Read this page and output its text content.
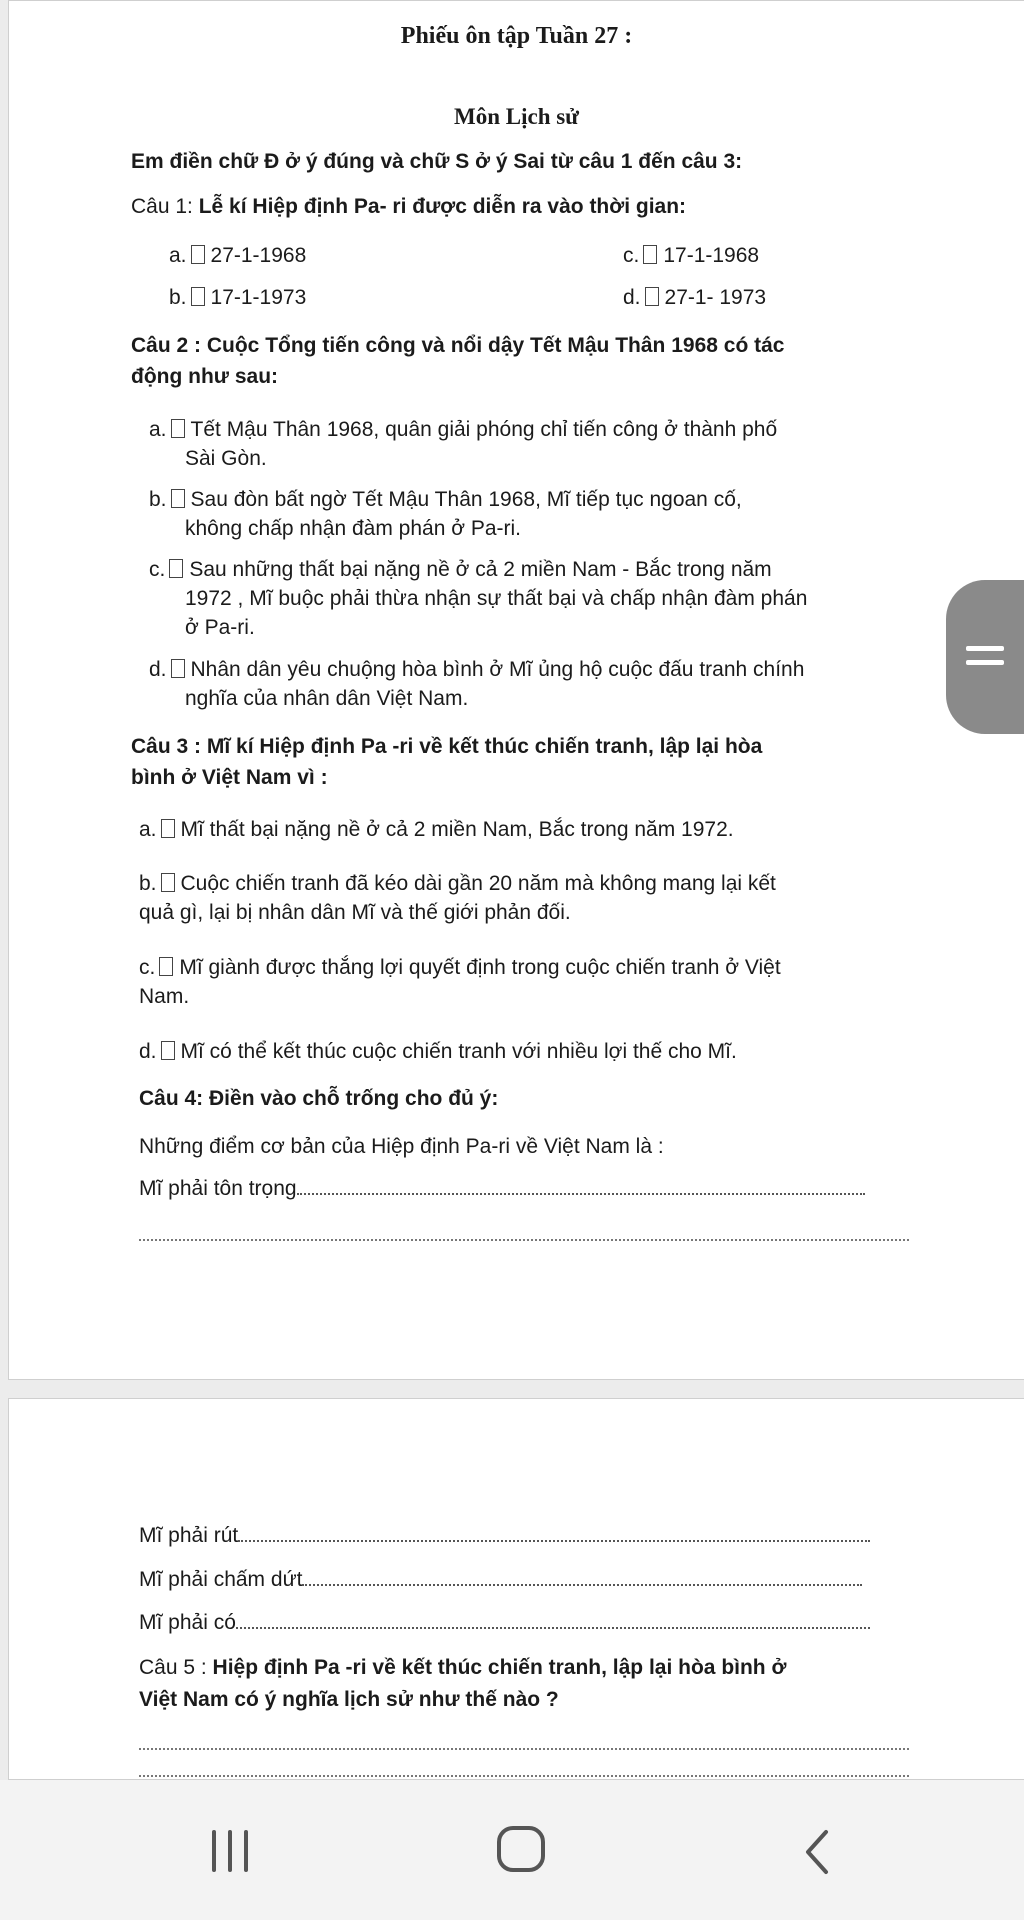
Phiếu ôn tập Tuần 27 :

Môn Lịch sử

Em điền chữ Đ ở ý đúng và chữ S ở ý Sai từ câu 1 đến câu 3:

Câu 1: Lễ kí Hiệp định Pa- ri được diễn ra vào thời gian:

a. 27-1-1968	c. 17-1-1968

b. 17-1-1973	d. 27-1- 1973

Câu 2 : Cuộc Tổng tiến công và nổi dậy Tết Mậu Thân 1968 có tác

động như sau:

a. Tết Mậu Thân 1968, quân giải phóng chỉ tiến công ở thành phố

Sài Gòn.

b. Sau đòn bất ngờ Tết Mậu Thân 1968, Mĩ tiếp tục ngoan cố,

không chấp nhận đàm phán ở Pa-ri.

c. Sau những thất bại nặng nề ở cả 2 miền Nam - Bắc trong năm

1972 , Mĩ buộc phải thừa nhận sự thất bại và chấp nhận đàm phán

ở Pa-ri.

d. Nhân dân yêu chuộng hòa bình ở Mĩ ủng hộ cuộc đấu tranh chính

nghĩa của nhân dân Việt Nam.

Câu 3 : Mĩ kí Hiệp định Pa -ri về kết thúc chiến tranh, lập lại hòa

bình ở Việt Nam vì :

a. Mĩ thất bại nặng nề ở cả 2 miền Nam, Bắc trong năm 1972.

b. Cuộc chiến tranh đã kéo dài gần 20 năm mà không mang lại kết

quả gì, lại bị nhân dân Mĩ và thế giới phản đối.

c. Mĩ giành được thắng lợi quyết định trong cuộc chiến tranh ở Việt

Nam.

d. Mĩ có thể kết thúc cuộc chiến tranh với nhiều lợi thế cho Mĩ.

Câu 4: Điền vào chỗ trống cho đủ ý:

Những điểm cơ bản của Hiệp định Pa-ri về Việt Nam là :

Mĩ phải tôn trọng

Mĩ phải rút

Mĩ phải chấm dứt

Mĩ phải có

Câu 5 : Hiệp định Pa -ri về kết thúc chiến tranh, lập lại hòa bình ở

Việt Nam có ý nghĩa lịch sử như thế nào ?
